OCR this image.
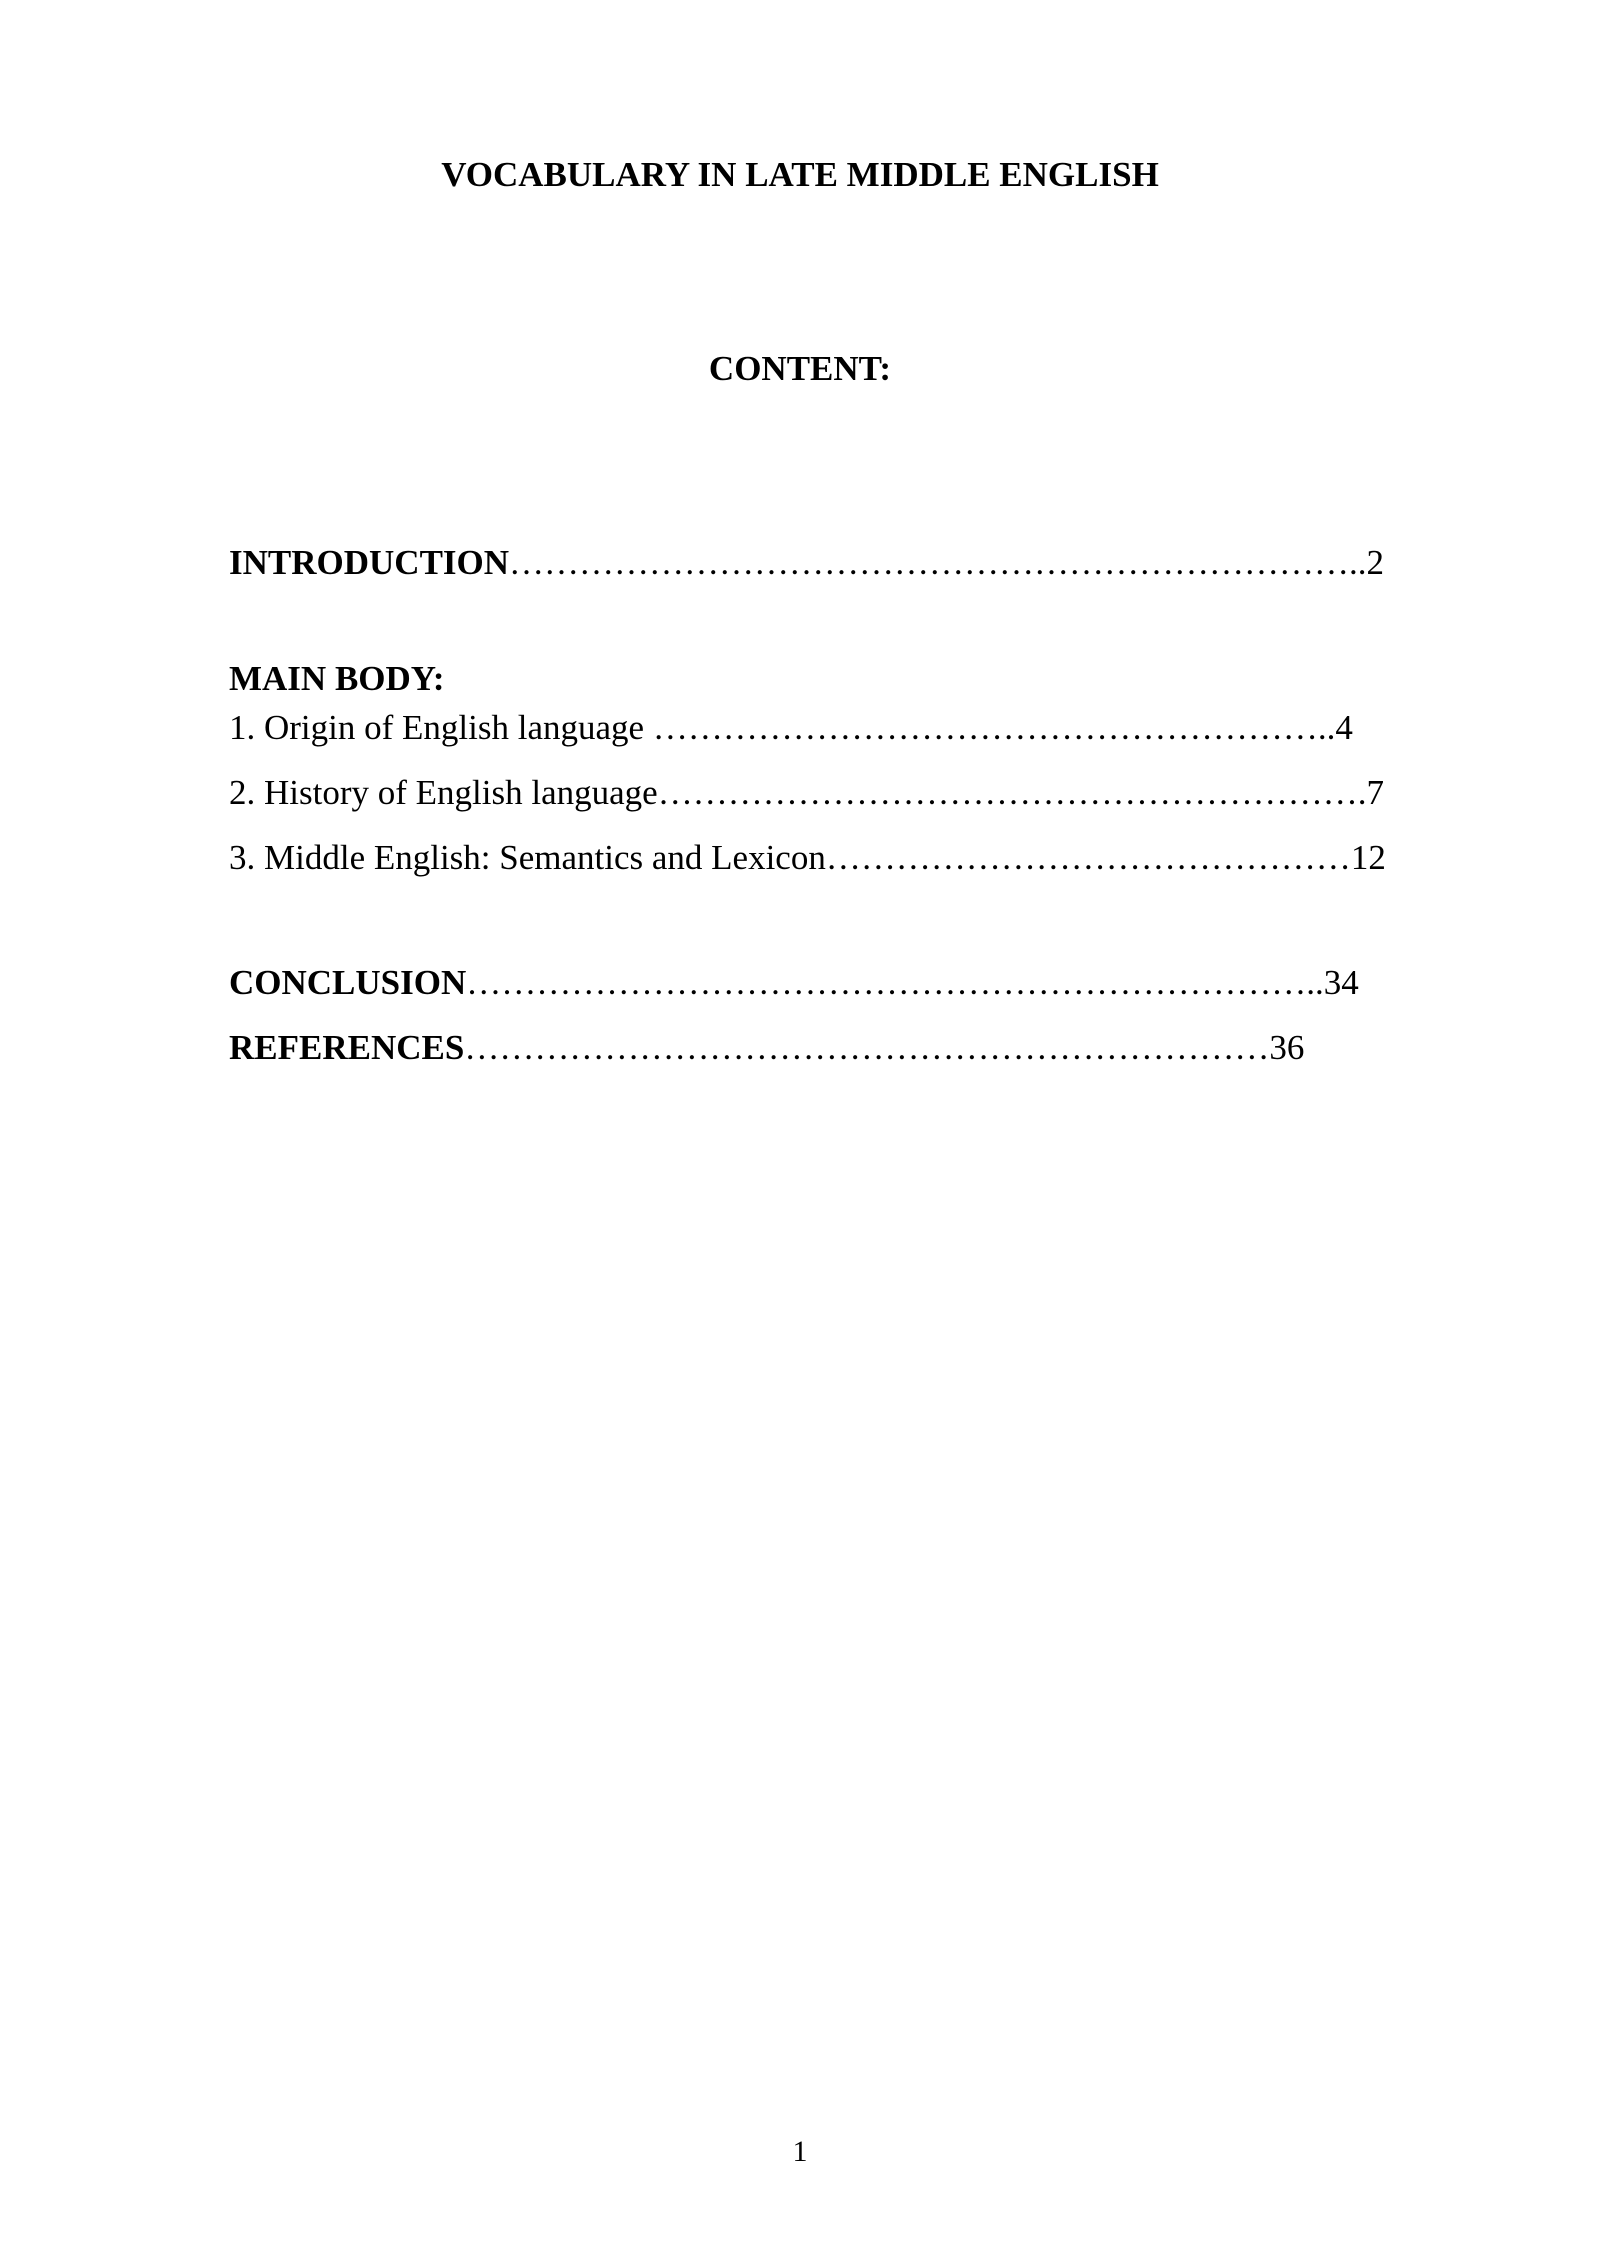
VOCABULARY IN LATE MIDDLE ENGLISH
CONTENT:
INTRODUCTION………………………………………………………………..2
MAIN BODY:
1. Origin of English language …………………………………………………..4
2. History of English language…………………………………………………….7
3. Middle English: Semantics and Lexicon………………………………………12
CONCLUSION………………………………………………………………..34
REFERENCES……………………………………………………………36
1
